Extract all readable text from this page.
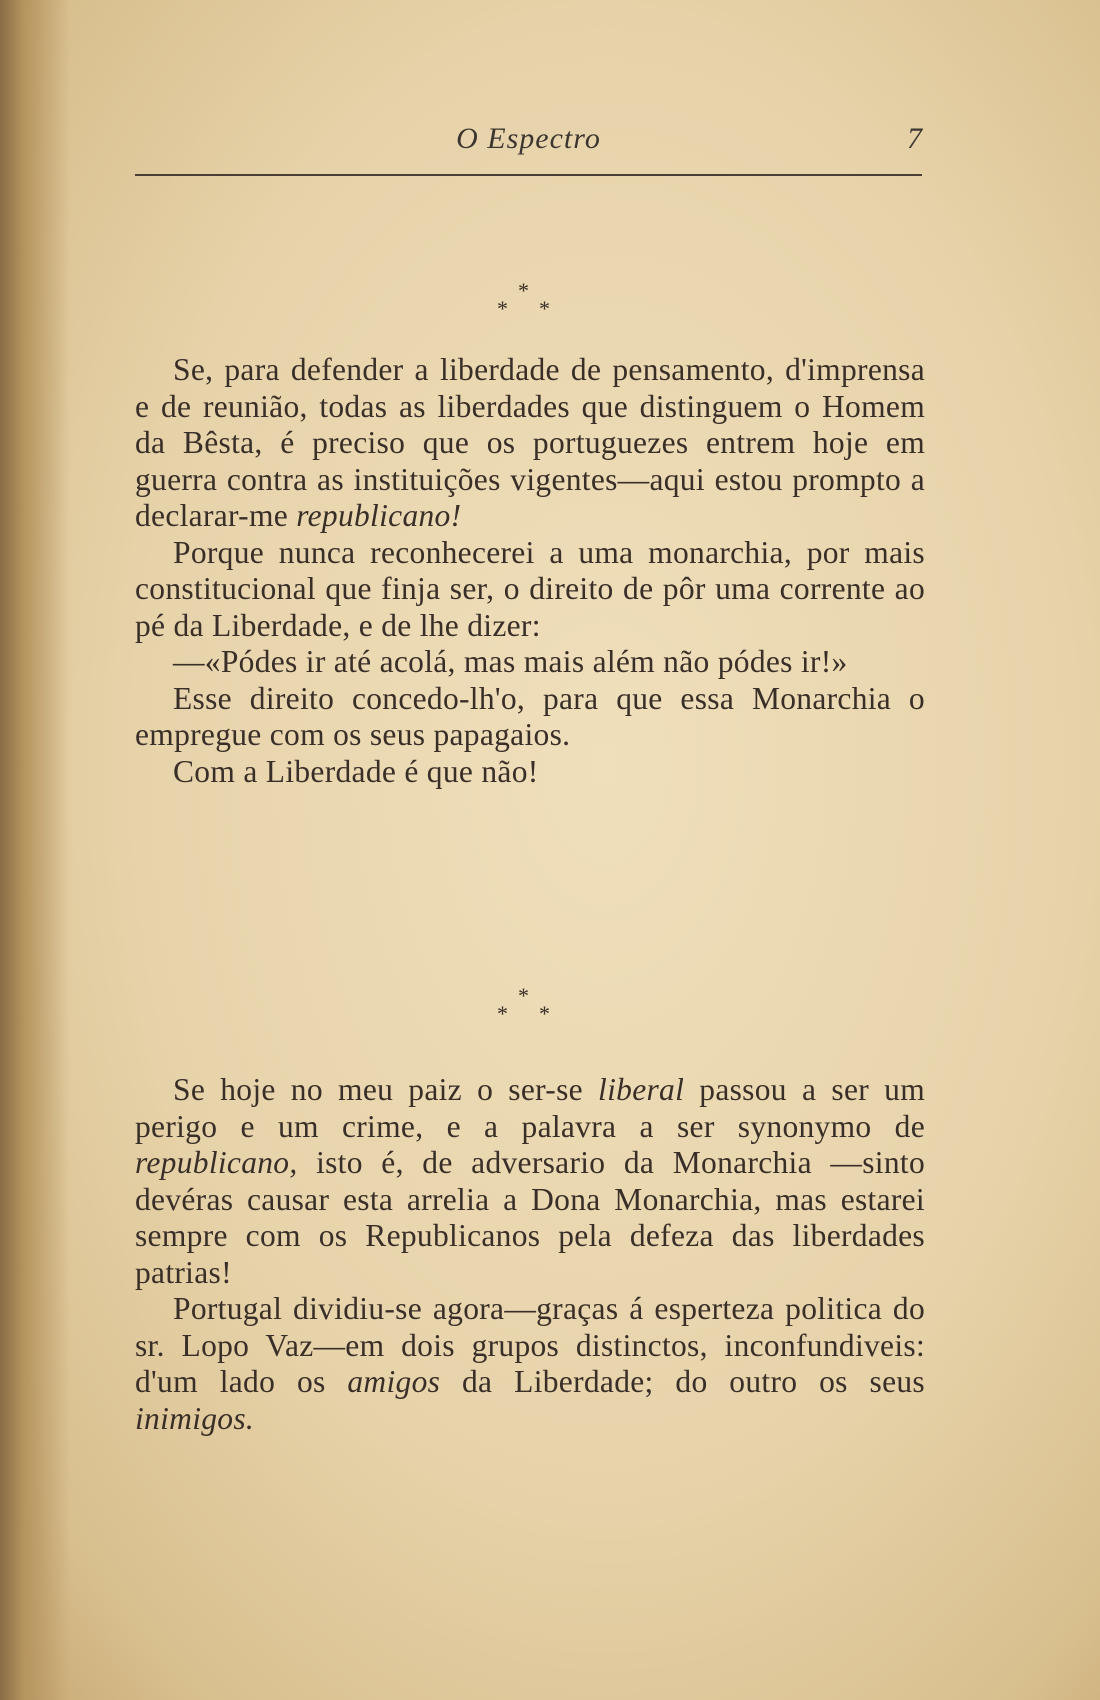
O Espectro	7
*
* *

Se, para defender a liberdade de pensamento, d'imprensa e de reunião, todas as liberdades que distinguem o Homem da Bêsta, é preciso que os portuguezes entrem hoje em guerra contra as instituições vigentes—aqui estou prompto a declarar-me republicano!

Porque nunca reconhecerei a uma monarchia, por mais constitucional que finja ser, o direito de pôr uma corrente ao pé da Liberdade, e de lhe dizer:

—«Pódes ir até acolá, mas mais além não pódes ir!»

Esse direito concedo-lh'o, para que essa Monarchia o empregue com os seus papagaios.

Com a Liberdade é que não!

*
* *

Se hoje no meu paiz o ser-se liberal passou a ser um perigo e um crime, e a palavra a ser synonymo de republicano, isto é, de adversario da Monarchia —sinto devéras causar esta arrelia a Dona Monarchia, mas estarei sempre com os Republicanos pela defeza das liberdades patrias!

Portugal dividiu-se agora—graças á esperteza politica do sr. Lopo Vaz—em dois grupos distinctos, inconfundiveis: d'um lado os amigos da Liberdade; do outro os seus inimigos.
